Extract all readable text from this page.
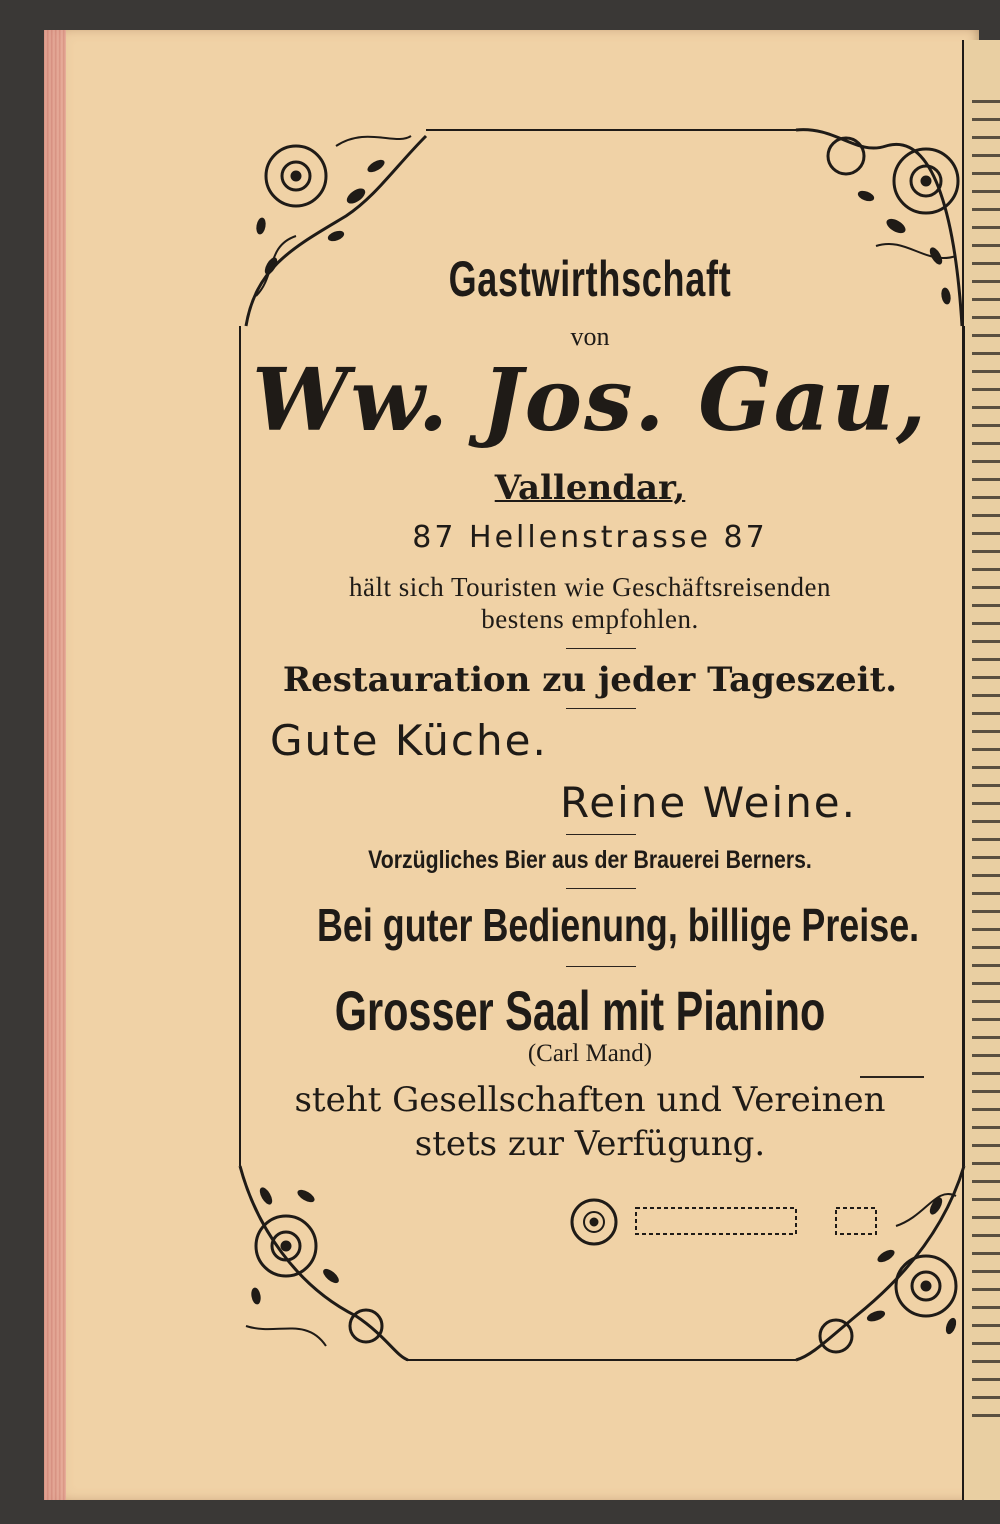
Gastwirthschaft
von
Ww. Jos. Gau,
Vallendar,
87 Hellenstrasse 87
hält sich Touristen wie Geschäftsreisenden
bestens empfohlen.
Restauration zu jeder Tageszeit.
Gute Küche.
Reine Weine.
Vorzügliches Bier aus der Brauerei Berners.
Bei guter Bedienung, billige Preise.
Grosser Saal mit Pianino
(Carl Mand)
steht Gesellschaften und Vereinen
stets zur Verfügung.
